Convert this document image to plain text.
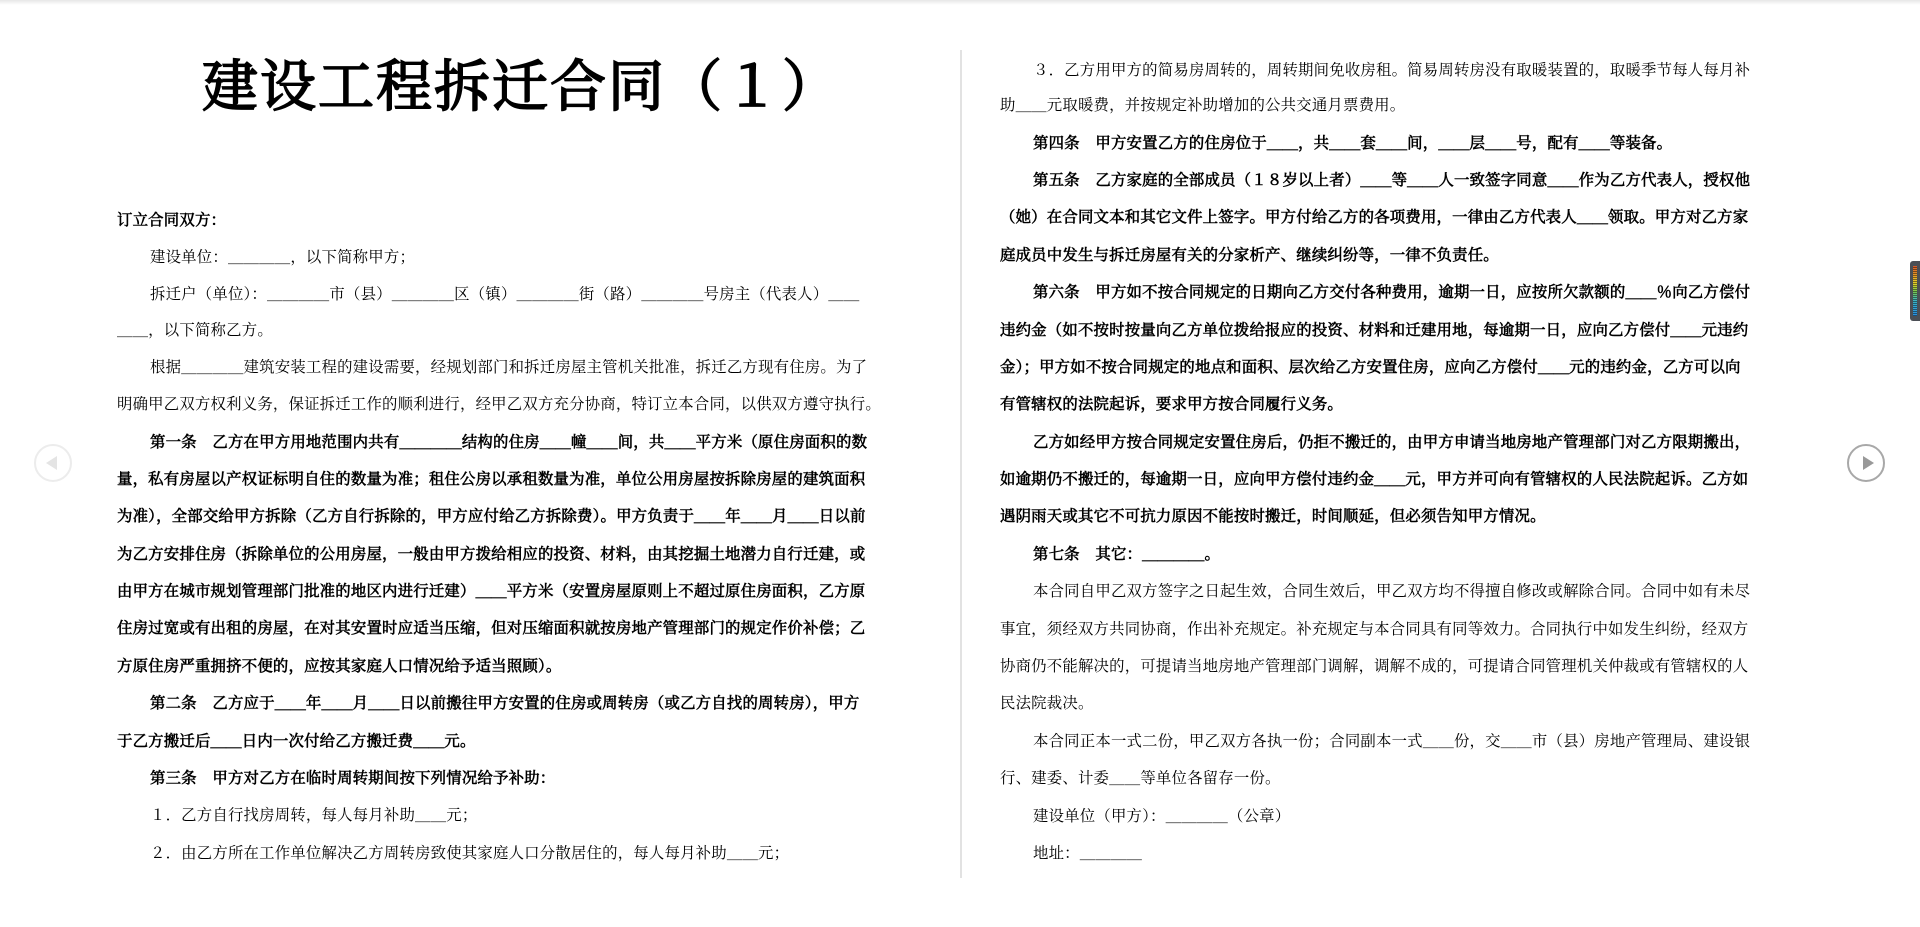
建设工程拆迁合同（１）
订立合同双方：
建设单位：＿＿＿＿，以下简称甲方；
拆迁户（单位）：＿＿＿＿市（县）＿＿＿＿区（镇）＿＿＿＿街（路）＿＿＿＿号房主（代表人）＿＿
＿＿，以下简称乙方。
根据＿＿＿＿建筑安装工程的建设需要，经规划部门和拆迁房屋主管机关批准，拆迁乙方现有住房。为了
明确甲乙双方权利义务，保证拆迁工作的顺利进行，经甲乙双方充分协商，特订立本合同，以供双方遵守执行。
第一条　乙方在甲方用地范围内共有＿＿＿＿结构的住房＿＿幢＿＿间，共＿＿平方米（原住房面积的数
量，私有房屋以产权证标明自住的数量为准；租住公房以承租数量为准，单位公用房屋按拆除房屋的建筑面积
为准），全部交给甲方拆除（乙方自行拆除的，甲方应付给乙方拆除费）。甲方负责于＿＿年＿＿月＿＿日以前
为乙方安排住房（拆除单位的公用房屋，一般由甲方拨给相应的投资、材料，由其挖掘土地潜力自行迁建，或
由甲方在城市规划管理部门批准的地区内进行迁建）＿＿平方米（安置房屋原则上不超过原住房面积，乙方原
住房过宽或有出租的房屋，在对其安置时应适当压缩，但对压缩面积就按房地产管理部门的规定作价补偿；乙
方原住房严重拥挤不便的，应按其家庭人口情况给予适当照顾）。
第二条　乙方应于＿＿年＿＿月＿＿日以前搬往甲方安置的住房或周转房（或乙方自找的周转房），甲方
于乙方搬迁后＿＿日内一次付给乙方搬迁费＿＿元。
第三条　甲方对乙方在临时周转期间按下列情况给予补助：
１．乙方自行找房周转，每人每月补助＿＿元；
２．由乙方所在工作单位解决乙方周转房致使其家庭人口分散居住的，每人每月补助＿＿元；
３．乙方用甲方的简易房周转的，周转期间免收房租。简易周转房没有取暖装置的，取暖季节每人每月补
助＿＿元取暖费，并按规定补助增加的公共交通月票费用。
第四条　甲方安置乙方的住房位于＿＿，共＿＿套＿＿间，＿＿层＿＿号，配有＿＿等装备。
第五条　乙方家庭的全部成员（１８岁以上者）＿＿等＿＿人一致签字同意＿＿作为乙方代表人，授权他
（她）在合同文本和其它文件上签字。甲方付给乙方的各项费用，一律由乙方代表人＿＿领取。甲方对乙方家
庭成员中发生与拆迁房屋有关的分家析产、继续纠纷等，一律不负责任。
第六条　甲方如不按合同规定的日期向乙方交付各种费用，逾期一日，应按所欠款额的＿＿％向乙方偿付
违约金（如不按时按量向乙方单位拨给报应的投资、材料和迁建用地，每逾期一日，应向乙方偿付＿＿元违约
金）；甲方如不按合同规定的地点和面积、层次给乙方安置住房，应向乙方偿付＿＿元的违约金，乙方可以向
有管辖权的法院起诉，要求甲方按合同履行义务。
乙方如经甲方按合同规定安置住房后，仍拒不搬迁的，由甲方申请当地房地产管理部门对乙方限期搬出，
如逾期仍不搬迁的，每逾期一日，应向甲方偿付违约金＿＿元，甲方并可向有管辖权的人民法院起诉。乙方如
遇阴雨天或其它不可抗力原因不能按时搬迁，时间顺延，但必须告知甲方情况。
第七条　其它：＿＿＿＿。
本合同自甲乙双方签字之日起生效，合同生效后，甲乙双方均不得擅自修改或解除合同。合同中如有未尽
事宜，须经双方共同协商，作出补充规定。补充规定与本合同具有同等效力。合同执行中如发生纠纷，经双方
协商仍不能解决的，可提请当地房地产管理部门调解，调解不成的，可提请合同管理机关仲裁或有管辖权的人
民法院裁决。
本合同正本一式二份，甲乙双方各执一份；合同副本一式＿＿份，交＿＿市（县）房地产管理局、建设银
行、建委、计委＿＿等单位各留存一份。
建设单位（甲方）：＿＿＿＿（公章）
地址：＿＿＿＿
